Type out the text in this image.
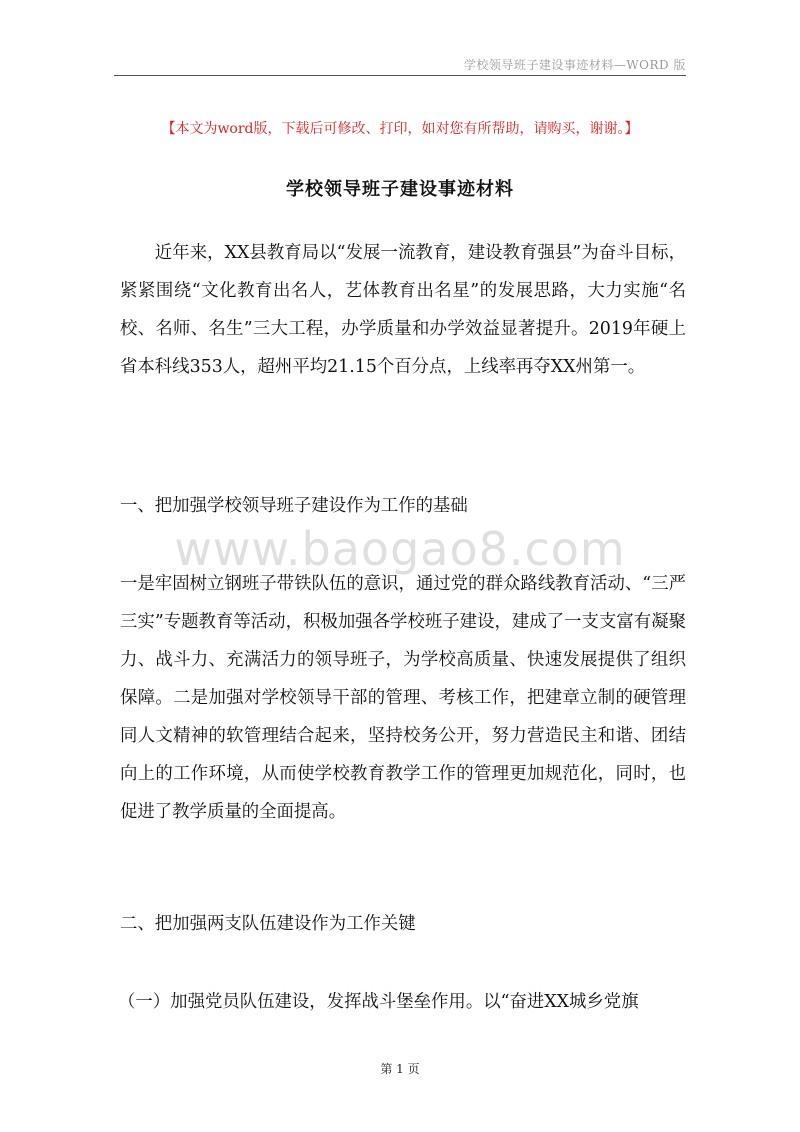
学校领导班子建设事迹材料—WORD 版
【本文为word版，下载后可修改、打印，如对您有所帮助，请购买，谢谢。】
学校领导班子建设事迹材料

近年来，XX县教育局以“发展一流教育，建设教育强县”为奋斗目标，紧紧围绕“文化教育出名人，艺体教育出名星”的发展思路，大力实施“名校、名师、名生”三大工程，办学质量和办学效益显著提升。2019年硬上省本科线353人，超州平均21.15个百分点，上线率再夺XX州第一。

一、把加强学校领导班子建设作为工作的基础

www.baogao8.com

一是牢固树立钢班子带铁队伍的意识，通过党的群众路线教育活动、“三严三实”专题教育等活动，积极加强各学校班子建设，建成了一支支富有凝聚力、战斗力、充满活力的领导班子，为学校高质量、快速发展提供了组织保障。二是加强对学校领导干部的管理、考核工作，把建章立制的硬管理同人文精神的软管理结合起来，坚持校务公开，努力营造民主和谐、团结向上的工作环境，从而使学校教育教学工作的管理更加规范化，同时，也促进了教学质量的全面提高。

二、把加强两支队伍建设作为工作关键

（一）加强党员队伍建设，发挥战斗堡垒作用。以“奋进XX城乡党旗

第 1 页
